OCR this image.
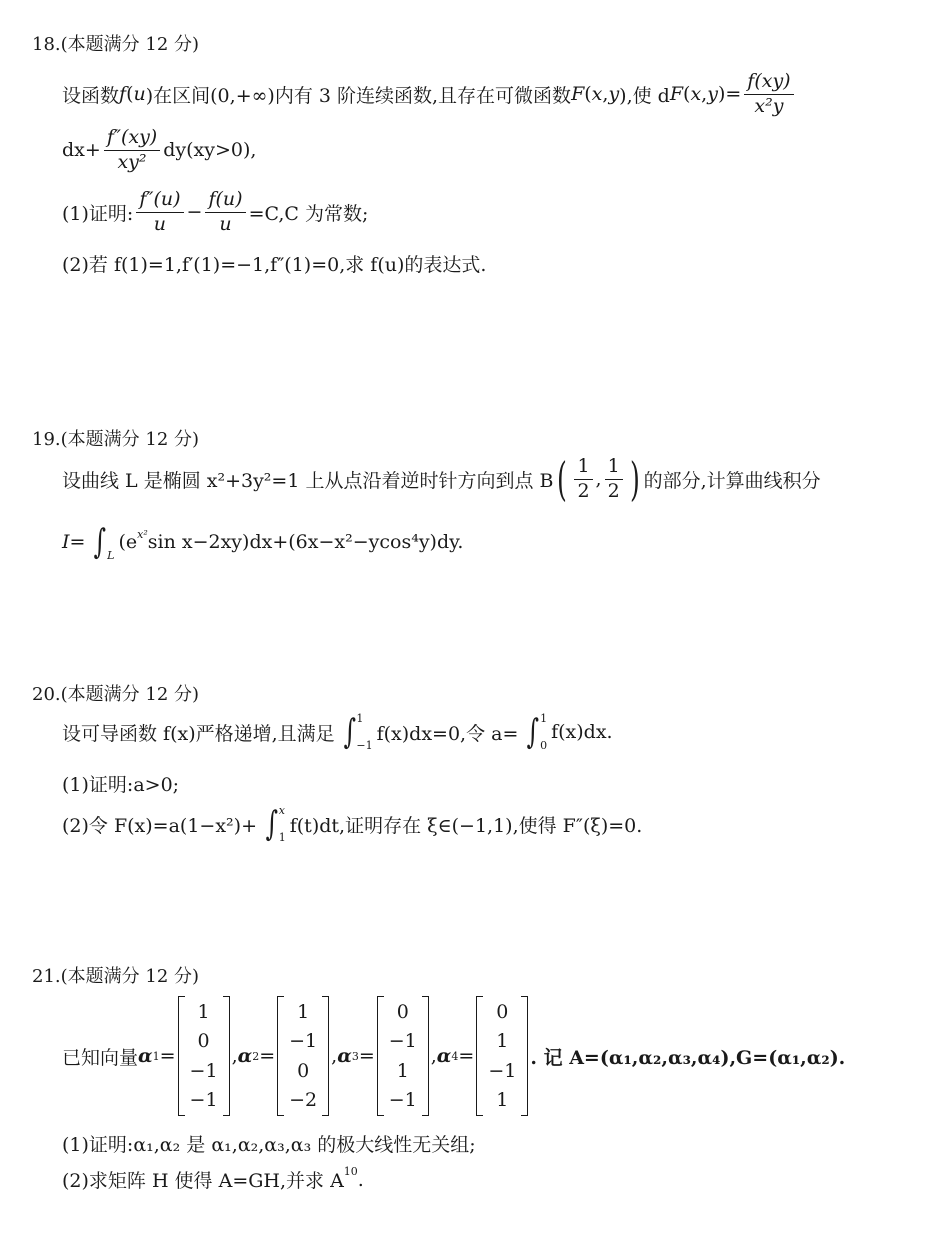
18.(本题满分 12 分)
设函数 f ( u )在区间(0,+∞)内有 3 阶连续函数,且存在可微函数 F ( x , y ),使 d F ( x , y )= $\frac{f(xy)}{\text{x²y}}$
$dx+ \frac{f''(xy)}{\text{xy²}} dy(xy>0)$,
(1)证明: $\frac{f''(u)}{u} - \frac{f(u)}{u} =C,C$ 为常数;
(2)若 f(1)=1,f′(1)=−1,f″(1)=0,求 f(u)的表达式.
19.(本题满分 12 分)
设曲线 L 是椭圆 x²+3y²=1 上从点沿着逆时针方向到点 B ( $\frac{1}{2}$ , $\frac{1}{2}$ ) 的部分,计算曲线积分
I= ∫
L
(e x² sin x−2xy)dx+(6x−x²−ycos⁴y)dy.
20.(本题满分 12 分)
设可导函数 f(x)严格递增,且满足 ∫ 1
−1
f(x)dx=0,令 a= ∫ 1
0
f(x)dx.
(1)证明:a>0;
(2)令 F(x)=a(1−x²)+ ∫ x
1
f(t)dt,证明存在 ξ∈(−1,1),使得 F″(ξ)=0.
21.(本题满分 12 分)
已知向量 α 1 =
1
0
−1
−1
, α 2 =
1
−1
0
−2
, α 3 =
0
−1
1
−1
, α 4 =
0
1
−1
1
. 记 A=(α₁,α₂,α₃,α₄),G=(α₁,α₂).
(1)证明:α₁,α₂ 是 α₁,α₂,α₃,α₃ 的极大线性无关组;
(2)求矩阵 H 使得 A=GH,并求 A 10 .
